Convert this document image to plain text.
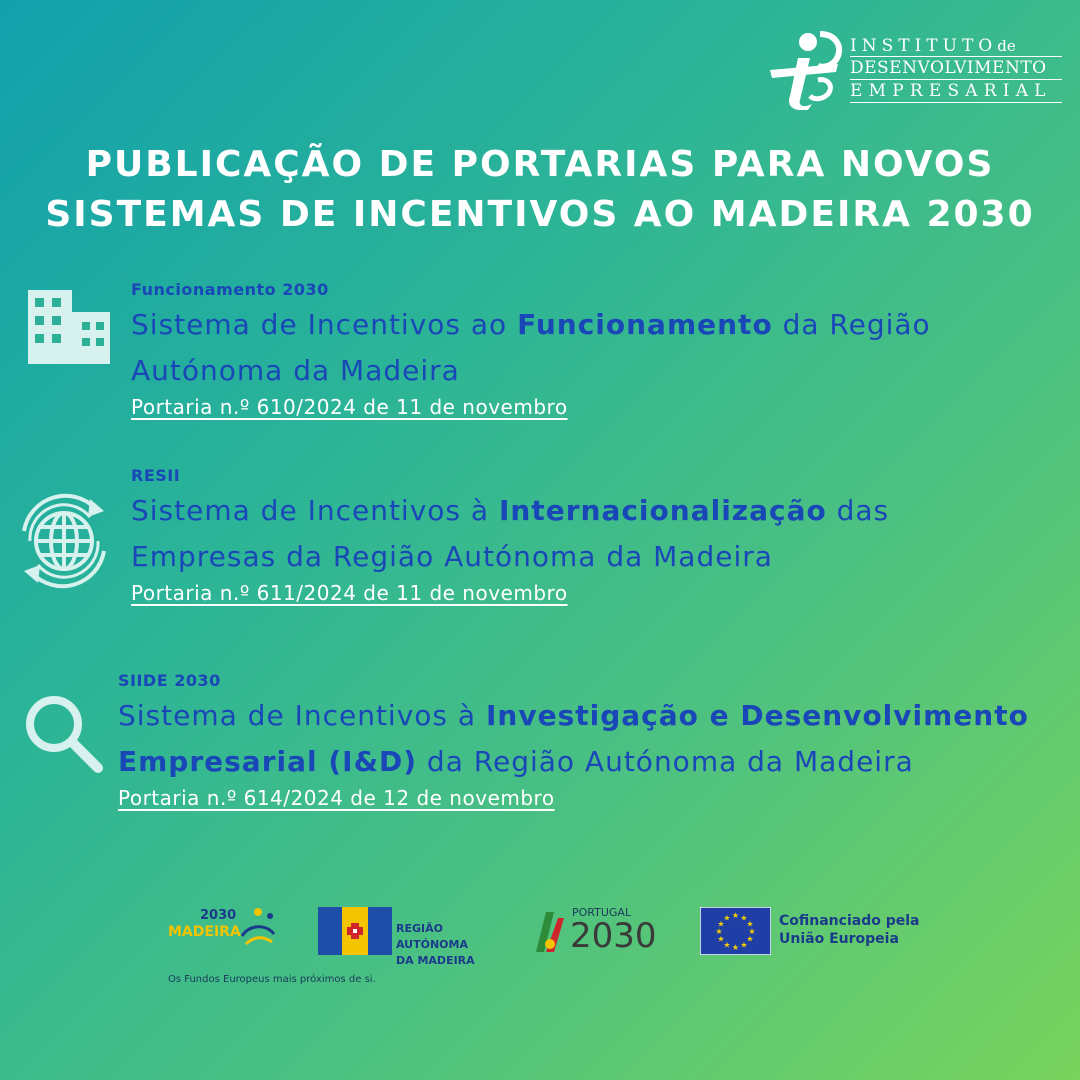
INSTITUTOde
DESENVOLVIMENTO
EMPRESARIAL
PUBLICAÇÃO DE PORTARIAS PARA NOVOS
SISTEMAS DE INCENTIVOS AO MADEIRA 2030
Funcionamento 2030
Sistema de Incentivos ao Funcionamento da Região Autónoma da Madeira
Portaria n.º 610/2024 de 11 de novembro
RESII
Sistema de Incentivos à Internacionalização das Empresas da Região Autónoma da Madeira
Portaria n.º 611/2024 de 11 de novembro
SIIDE 2030
Sistema de Incentivos à Investigação e Desenvolvimento Empresarial (I&D) da Região Autónoma da Madeira
Portaria n.º 614/2024 de 12 de novembro
2030
MADEIRA
Os Fundos Europeus mais próximos de si.
REGIÃO AUTÓNOMA
DA MADEIRA
PORTUGAL
2030
★ ★
★
★
★
★
★
★
★
★
★
★	Cofinanciado pela
União Europeia
